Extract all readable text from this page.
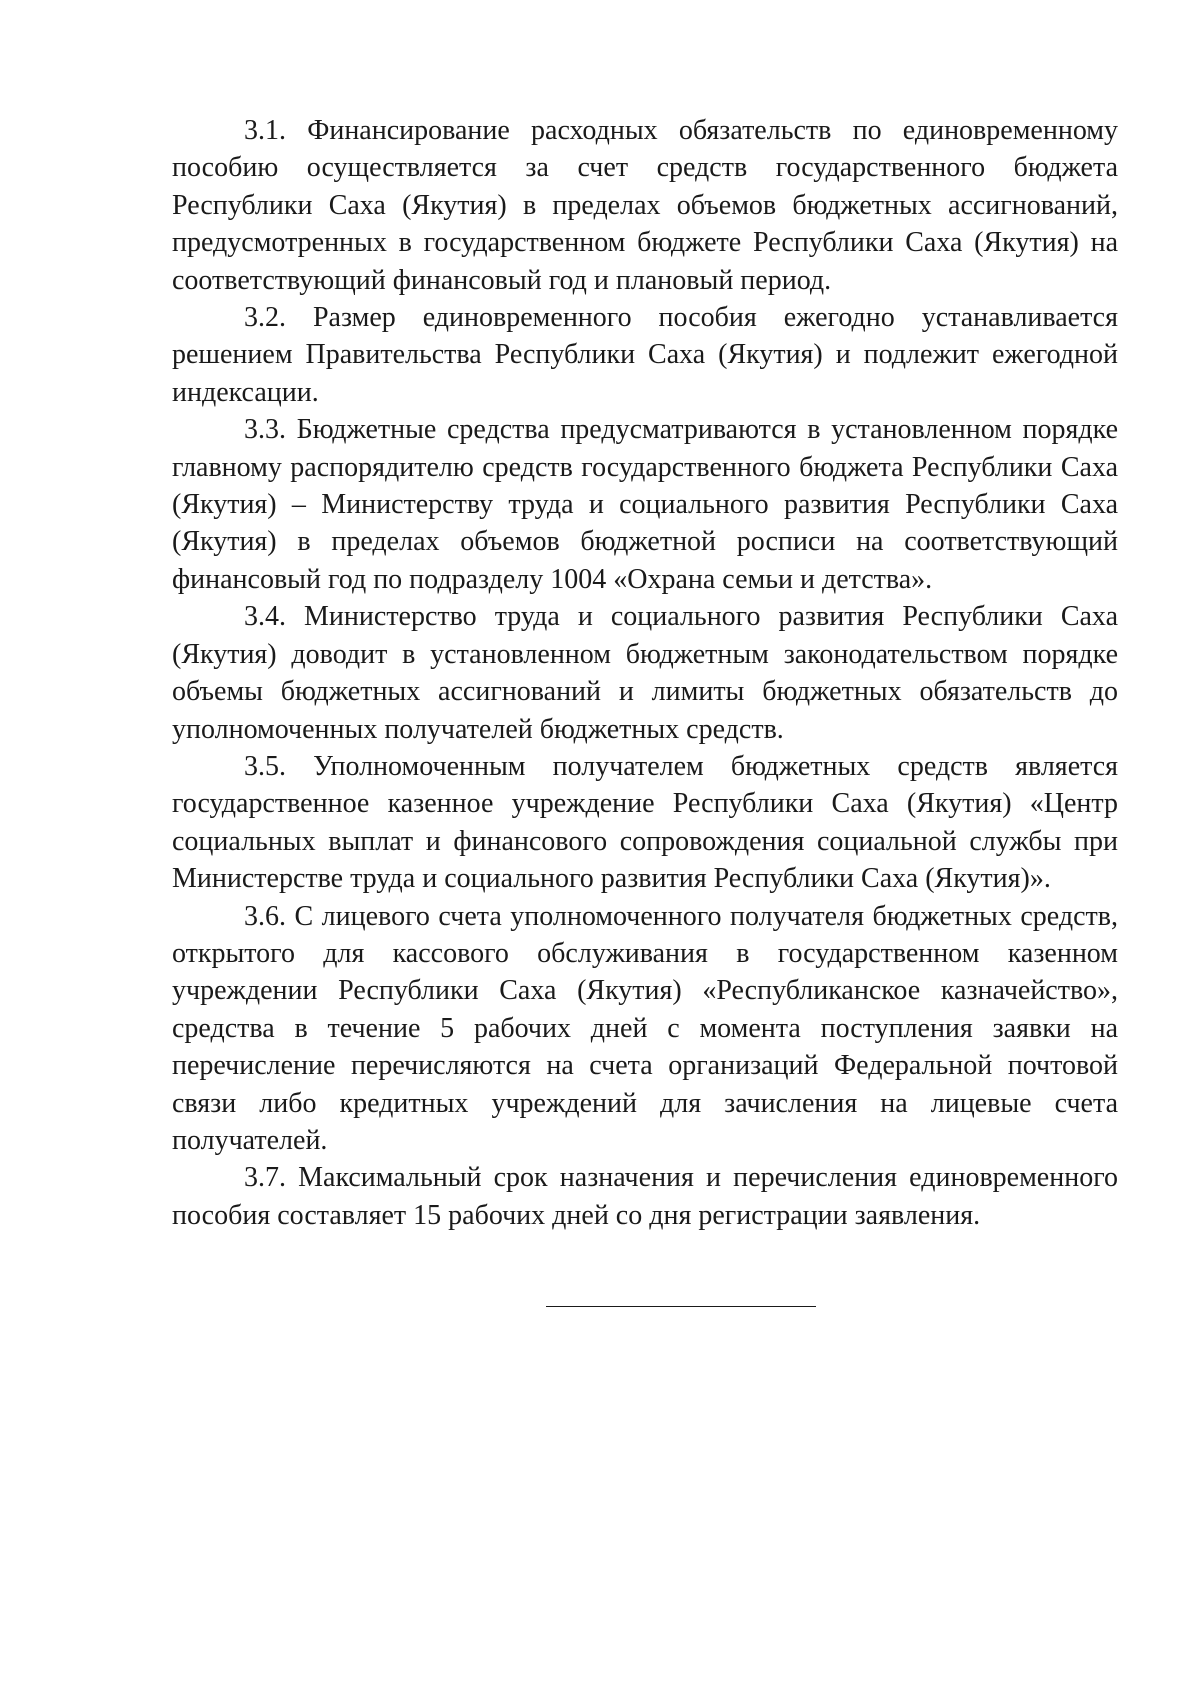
3.1. Финансирование расходных обязательств по единовременному пособию осуществляется за счет средств государственного бюджета Республики Саха (Якутия) в пределах объемов бюджетных ассигнований, предусмотренных в государственном бюджете Республики Саха (Якутия) на соответствующий финансовый год и плановый период.

3.2. Размер единовременного пособия ежегодно устанавливается решением Правительства Республики Саха (Якутия) и подлежит ежегодной индексации.

3.3. Бюджетные средства предусматриваются в установленном порядке главному распорядителю средств государственного бюджета Республики Саха (Якутия) – Министерству труда и социального развития Республики Саха (Якутия) в пределах объемов бюджетной росписи на соответствующий финансовый год по подразделу 1004 «Охрана семьи и детства».

3.4. Министерство труда и социального развития Республики Саха (Якутия) доводит в установленном бюджетным законодательством порядке объемы бюджетных ассигнований и лимиты бюджетных обязательств до уполномоченных получателей бюджетных средств.

3.5. Уполномоченным получателем бюджетных средств является государственное казенное учреждение Республики Саха (Якутия) «Центр социальных выплат и финансового сопровождения социальной службы при Министерстве труда и социального развития Республики Саха (Якутия)».

3.6. С лицевого счета уполномоченного получателя бюджетных средств, открытого для кассового обслуживания в государственном казенном учреждении Республики Саха (Якутия) «Республиканское казначейство», средства в течение 5 рабочих дней с момента поступления заявки на перечисление перечисляются на счета организаций Федеральной почтовой связи либо кредитных учреждений для зачисления на лицевые счета получателей.

3.7. Максимальный срок назначения и перечисления единовременного пособия составляет 15 рабочих дней со дня регистрации заявления.
